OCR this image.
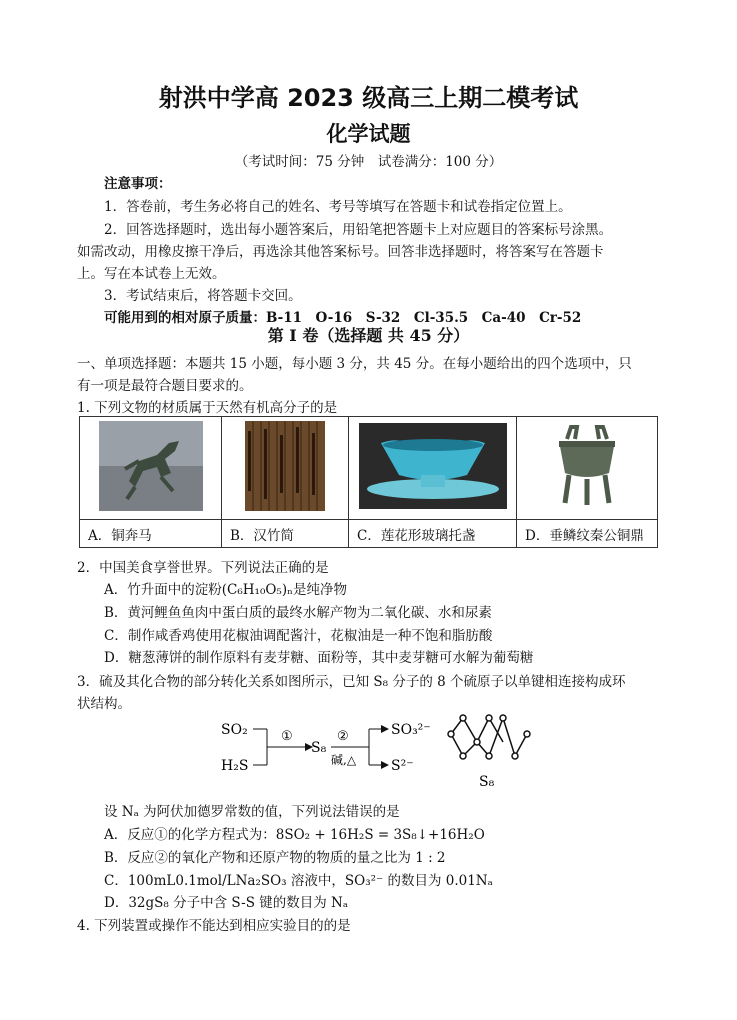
射洪中学高 2023 级高三上期二模考试
化学试题
（考试时间：75 分钟　试卷满分：100 分）
注意事项：
1．答卷前，考生务必将自己的姓名、考号等填写在答题卡和试卷指定位置上。
2．回答选择题时，选出每小题答案后，用铅笔把答题卡上对应题目的答案标号涂黑。
如需改动，用橡皮擦干净后，再选涂其他答案标号。回答非选择题时，将答案写在答题卡
上。写在本试卷上无效。
3．考试结束后，将答题卡交回。
可能用到的相对原子质量：B-11　O-16　S-32　Cl-35.5　Ca-40　Cr-52
第 I 卷（选择题 共 45 分）
一、单项选择题：本题共 15 小题，每小题 3 分，共 45 分。在每小题给出的四个选项中，只
有一项是最符合题目要求的。
1. 下列文物的材质属于天然有机高分子的是

A．铜奔马	B．汉竹简	C．莲花形玻璃托盏	D．垂鳞纹秦公铜鼎
2．中国美食享誉世界。下列说法正确的是
A．竹升面中的淀粉(C₆H₁₀O₅)ₙ是纯净物
B．黄河鲤鱼鱼肉中蛋白质的最终水解产物为二氧化碳、水和尿素
C．制作咸香鸡使用花椒油调配酱汁，花椒油是一种不饱和脂肪酸
D．糖葱薄饼的制作原料有麦芽糖、面粉等，其中麦芽糖可水解为葡萄糖
3．硫及其化合物的部分转化关系如图所示，已知 S₈ 分子的 8 个硫原子以单键相连接构成环
状结构。
SO₂
H₂S
①
S₈
②
碱,△
SO₃²⁻
S²⁻
S₈
设 Nₐ 为阿伏加德罗常数的值，下列说法错误的是
A．反应①的化学方程式为：8SO₂ + 16H₂S = 3S₈↓+16H₂O
B．反应②的氧化产物和还原产物的物质的量之比为 1 : 2
C．100mL0.1mol/LNa₂SO₃ 溶液中，SO₃²⁻ 的数目为 0.01Nₐ
D．32gS₈ 分子中含 S-S 键的数目为 Nₐ
4. 下列装置或操作不能达到相应实验目的的是
